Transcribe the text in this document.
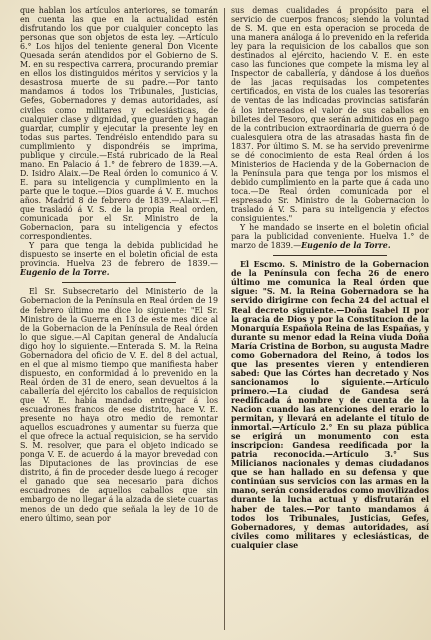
que hablan los artículos anteriores, se tomarán en cuenta las que en la actualidad estén disfrutando los que por cualquier concepto las personas que son objetos de esta ley. —Artículo 6.° Los hijos del teniente general Don Vicente Quesada serán atendidos por el Gobierno de S. M. en su respectiva carrera, procurando premiar en ellos los distinguidos méritos y servicios y la desastrosa muerte de su padre.—Por tanto mandamos á todos los Tribunales, Justicias, Gefes, Gobernadores y demas autoridades, así civiles como militares y eclesiásticas, de cualquier clase y dignidad, que guarden y hagan guardar, cumplir y ejecutar la presente ley en todas sus partes. Tendréislo entendido para su cumplimiento y dispondréis se imprima, publique y circule.—Está rubricado de la Real mano. En Palacio á 1.° de febrero de 1839.—A. D. Isidro Alaix.—De Real órden lo comunico á V. E. para su inteligencia y cumplimiento en la parte que le toque.—Dios guarde á V. E. muchos años. Madrid 8 de febrero de 1839.—Alaix.—El que trasladó á V. S. de la propia Real orden, comunicada por el Sr. Ministro de la Gobernacion, para su inteligencia y efectos correspondientes.

Y para que tenga la debida publicidad he dispuesto se inserte en el boletin oficial de esta provincia. Huelva 23 de febrero de 1839.—Eugenio de la Torre.

El Sr. Subsecretario del Ministerio de la Gobernacion de la Península en Real órden de 19 de febrero último me dice lo siguiente: "El Sr. Ministro de la Guerra en 13 de este mes dice al de la Gobernacion de la Península de Real órden lo que sigue.—Al Capitan general de Andalucía digo hoy lo siguiente.—Enterada S. M. la Reina Gobernadora del oficio de V. E. del 8 del actual, en el que al mismo tiempo que manifiesta haber dispuesto, en conformidad á lo prevenido en la Real órden de 31 de enero, sean devueltos á la caballería del ejército los caballos de requisicion que V. E. había mandado entregar á los escuadrones francos de ese distrito, hace V. E. presente no haya otro medio de remontar aquellos escuadrones y aumentar su fuerza que el que ofrece la actual requisicion, se ha servido S. M. resolver, que para el objeto indicado se ponga V. E. de acuerdo á la mayor brevedad con las Diputaciones de las provincias de ese distrito, á fin de proceder desde luego á recoger el ganado que sea necesario para dichos escuadrones de aquellos caballos que sin embargo de no llegar á la alzada de siete cuartas menos de un dedo que señala la ley de 10 de enero último, sean por

sus demas cualidades á propósito para el servicio de cuerpos francos; siendo la voluntad de S. M. que en esta operacion se proceda de una manera análoga á lo prevenido en la referida ley para la requisicion de los caballos que son destinados al ejército, haciendo V. E. en este caso las funciones que compete la misma ley al Inspector de caballería, y dándose á los dueños de las jacas requisadas los competentes certificados, en vista de los cuales las tesorerías de ventas de las indicadas provincias satisfarán á los interesados el valor de sus caballos en billetes del Tesoro, que serán admitidos en pago de la contribucion extraordinaria de guerra ó de cualesquiera otra de las atrasadas hasta fin de 1837. Por último S. M. se ha servido prevenirme se dé conocimiento de esta Real órden á los Ministerios de Hacienda y de la Gobernacion de la Península para que tenga por los mismos el debido cumplimiento en la parte que á cada uno toca.—De Real órden comunicada por el espresado Sr. Ministro de la Gobernacion lo traslado á V. S. para su inteligencia y efectos consiguientes."

Y he mandado se inserte en el boletin oficial para la publicidad conveniente. Huelva 1.° de marzo de 1839.—Eugenio de la Torre.

El Escmo. S. Ministro de la Gobernacion de la Península con fecha 26 de enero último me comunica la Real órden que sigue: "S. M. la Reina Gobernadora se ha servido dirigirme con fecha 24 del actual el Real decreto siguiente.—Doña Isabel II por la gracia de Dios y por la Constitucion de la Monarquía Española Reina de las Españas, y durante su menor edad la Reina viuda Doña María Cristina de Borbon, su augusta Madre como Gobernadora del Reino, á todos los que las presentes vieren y entendieren sabed: Que las Córtes han decretado y Nos sancionamos lo siguiente.—Artículo primero.—La ciudad de Gandesa será reedificada á nombre y de cuenta de la Nacion cuando las atenciones del erario lo permitan, y llevará en adelante el título de inmortal.—Artículo 2.° En su plaza pública se erigirá un monumento con esta inscripcion: Gandesa reedificada por la patria reconocida.—Artículo 3.° Sus Milicianos nacionales y demas ciudadanos que se han hallado en su defensa y que continúan sus servicios con las armas en la mano, serán considerados como movilizados durante la lucha actual y disfrutarán el haber de tales.—Por tanto mandamos á todos los Tribunales, Justicias, Gefes, Gobernadores, y demas autoridades, así civiles como militares y eclesiásticas, de cualquier clase
